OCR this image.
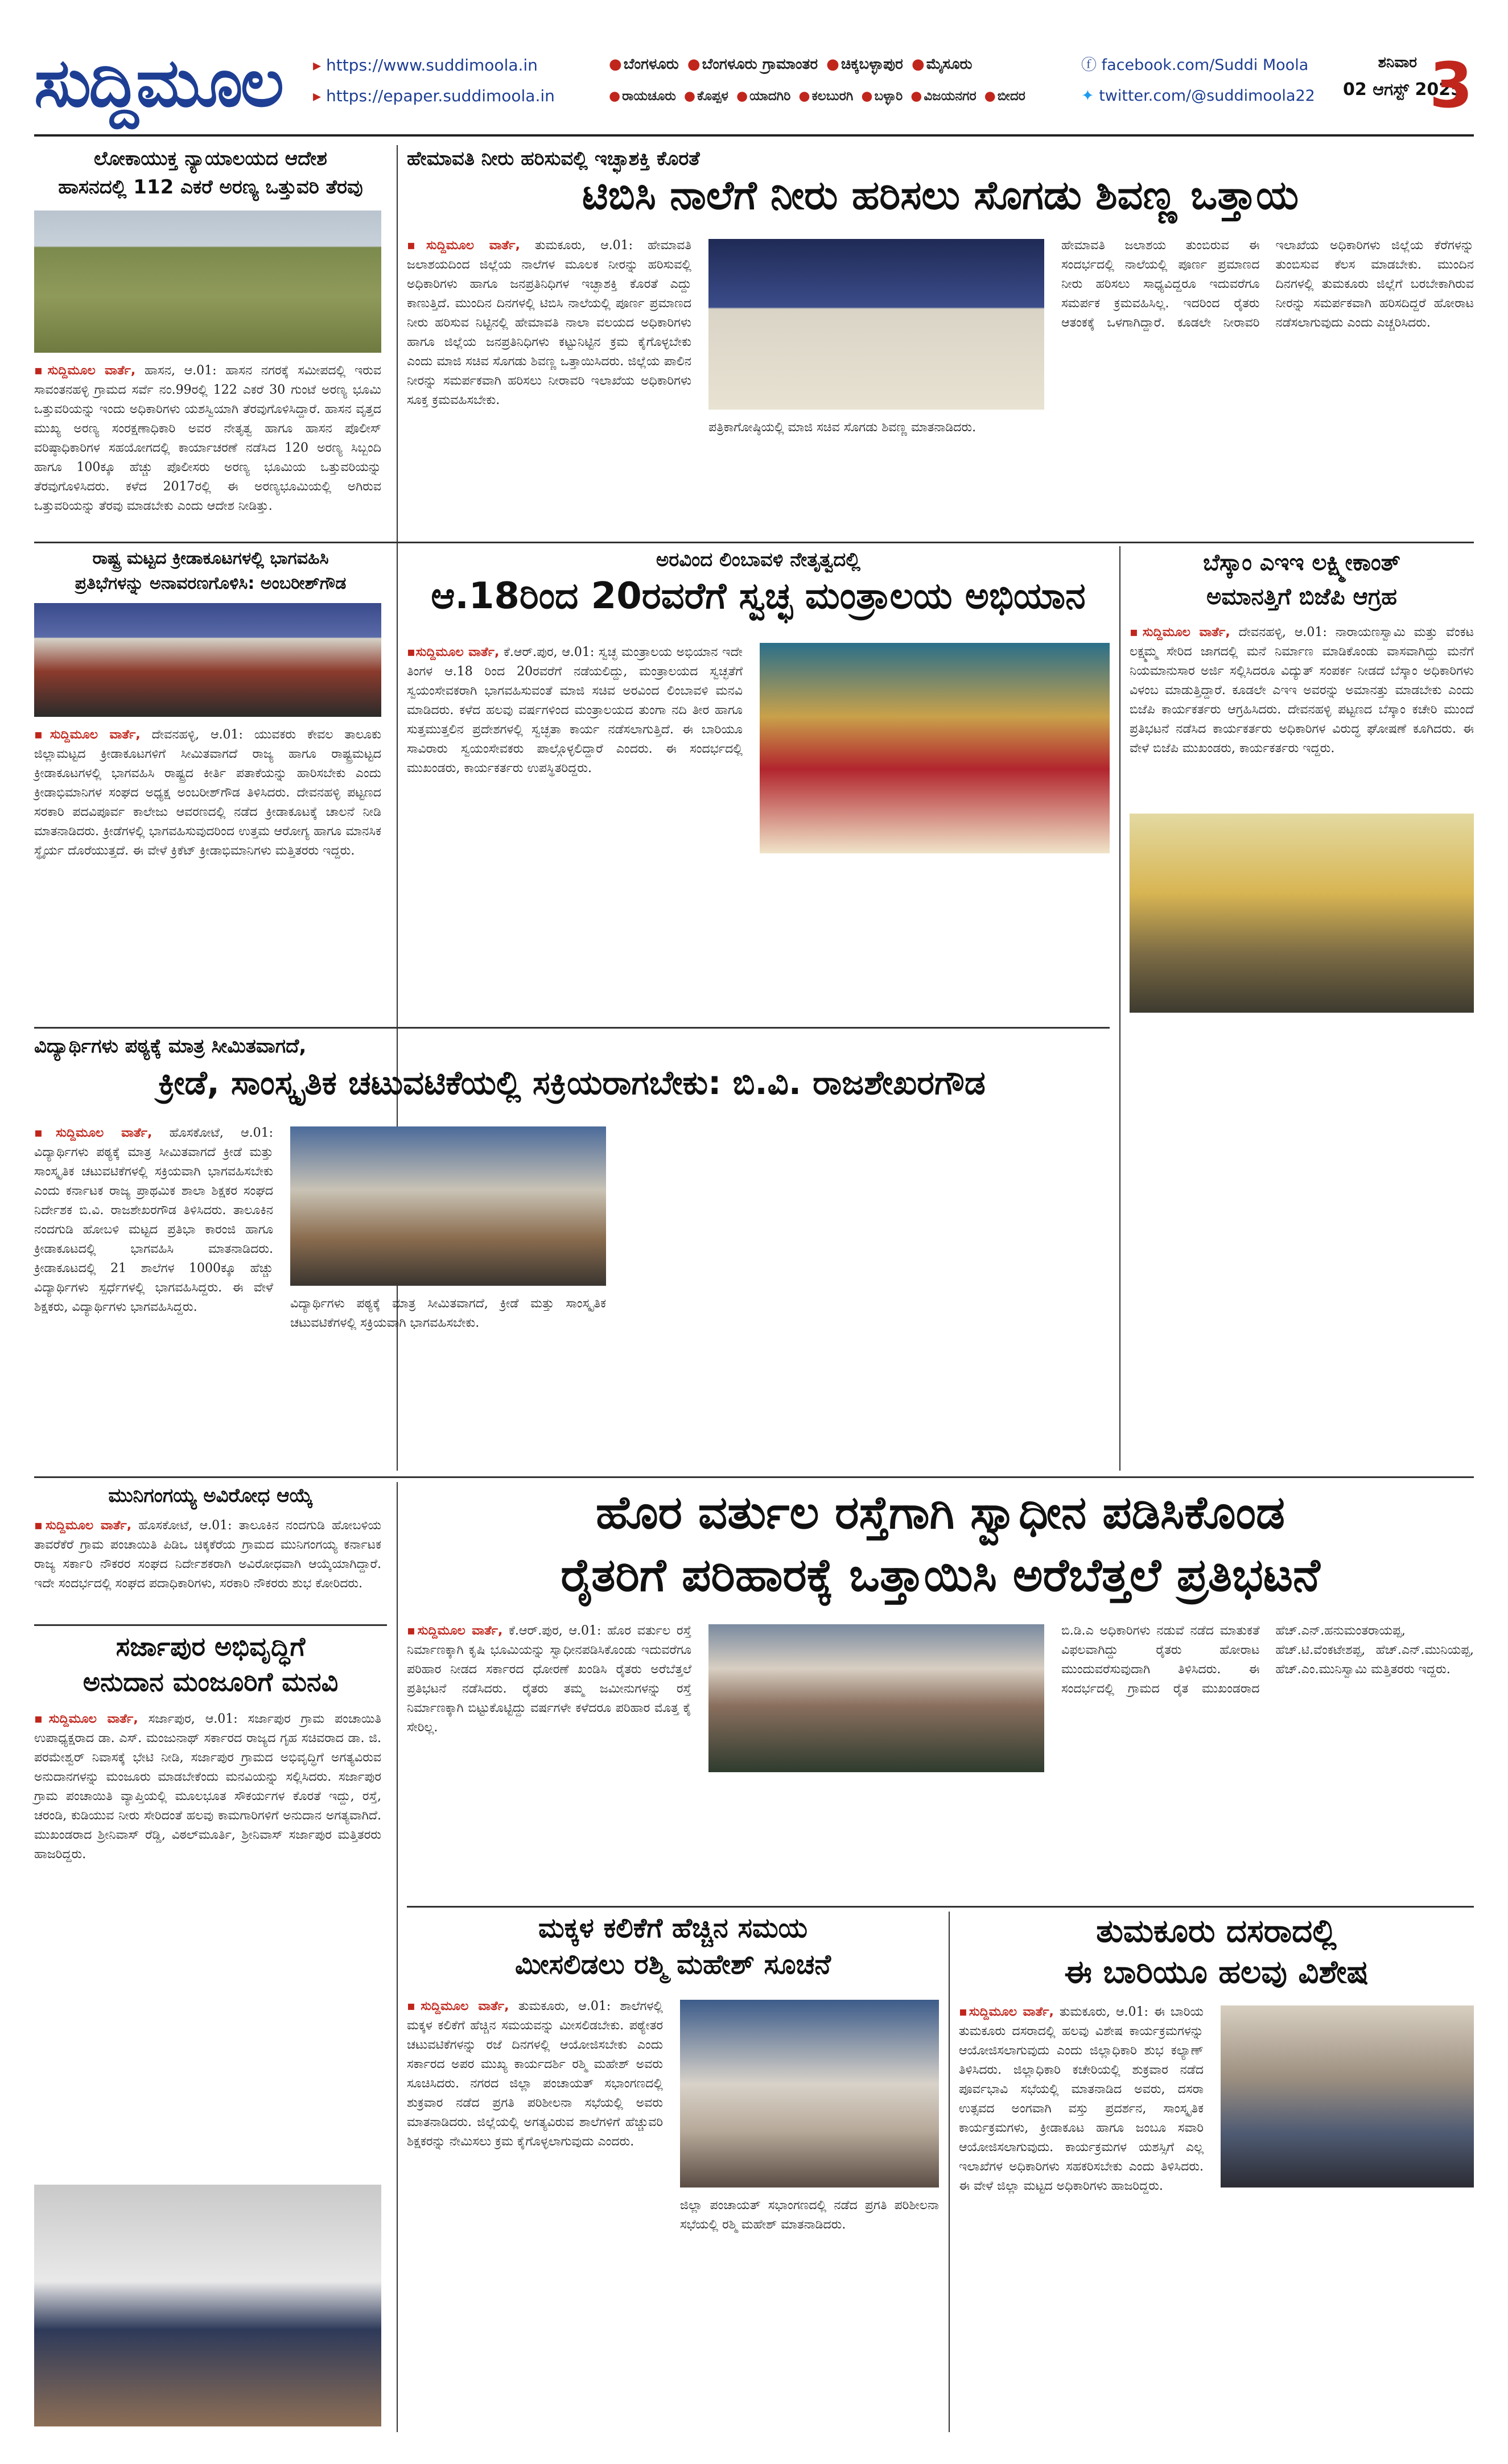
ಸುದ್ದಿಮೂಲ	▸ https://www.suddimoola.in
▸ https://epaper.suddimoola.in
● ಬೆಂಗಳೂರು ● ಬೆಂಗಳೂರು ಗ್ರಾಮಾಂತರ ● ಚಿಕ್ಕಬಳ್ಳಾಪುರ ● ಮೈಸೂರು
● ರಾಯಚೂರು ● ಕೊಪ್ಪಳ ● ಯಾದಗಿರಿ ● ಕಲಬುರಗಿ ● ಬಳ್ಳಾರಿ ● ವಿಜಯನಗರ ● ಬೀದರ
ⓕ facebook.com/Suddi Moola
✦ twitter.com/@suddimoola22
ಶನಿವಾರ
02 ಆಗಸ್ಟ್ 2025
3
ಲೋಕಾಯುಕ್ತ ನ್ಯಾಯಾಲಯದ ಆದೇಶ
ಹಾಸನದಲ್ಲಿ 112 ಎಕರೆ ಅರಣ್ಯ ಒತ್ತುವರಿ ತೆರವು
▪ಸುದ್ದಿಮೂಲ ವಾರ್ತೆ, ಹಾಸನ, ಆ.01: ಹಾಸನ ನಗರಕ್ಕೆ ಸಮೀಪದಲ್ಲಿ ಇರುವ ಸಾವಂತನಹಳ್ಳಿ ಗ್ರಾಮದ ಸರ್ವೆ ನಂ.99ರಲ್ಲಿ 122 ಎಕರೆ 30 ಗುಂಟೆ ಅರಣ್ಯ ಭೂಮಿ ಒತ್ತುವರಿಯನ್ನು ಇಂದು ಅಧಿಕಾರಿಗಳು ಯಶಸ್ವಿಯಾಗಿ ತೆರವುಗೊಳಿಸಿದ್ದಾರೆ. ಹಾಸನ ವೃತ್ತದ ಮುಖ್ಯ ಅರಣ್ಯ ಸಂರಕ್ಷಣಾಧಿಕಾರಿ ಅವರ ನೇತೃತ್ವ ಹಾಗೂ ಹಾಸನ ಪೊಲೀಸ್ ವರಿಷ್ಠಾಧಿಕಾರಿಗಳ ಸಹಯೋಗದಲ್ಲಿ ಕಾರ್ಯಾಚರಣೆ ನಡೆಸಿದ 120 ಅರಣ್ಯ ಸಿಬ್ಬಂದಿ ಹಾಗೂ 100ಕ್ಕೂ ಹೆಚ್ಚು ಪೊಲೀಸರು ಅರಣ್ಯ ಭೂಮಿಯ ಒತ್ತುವರಿಯನ್ನು ತೆರವುಗೊಳಿಸಿದರು. ಕಳೆದ 2017ರಲ್ಲಿ ಈ ಅರಣ್ಯಭೂಮಿಯಲ್ಲಿ ಅಗಿರುವ ಒತ್ತುವರಿಯನ್ನು ತೆರವು ಮಾಡಬೇಕು ಎಂದು ಆದೇಶ ನೀಡಿತ್ತು.
ಹೇಮಾವತಿ ನೀರು ಹರಿಸುವಲ್ಲಿ ಇಚ್ಛಾಶಕ್ತಿ ಕೊರತೆ
ಟಿಬಿಸಿ ನಾಲೆಗೆ ನೀರು ಹರಿಸಲು ಸೊಗಡು ಶಿವಣ್ಣ ಒತ್ತಾಯ
▪ಸುದ್ದಿಮೂಲ ವಾರ್ತೆ, ತುಮಕೂರು, ಆ.01: ಹೇಮಾವತಿ ಜಲಾಶಯದಿಂದ ಜಿಲ್ಲೆಯ ನಾಲೆಗಳ ಮೂಲಕ ನೀರನ್ನು ಹರಿಸುವಲ್ಲಿ ಅಧಿಕಾರಿಗಳು ಹಾಗೂ ಜನಪ್ರತಿನಿಧಿಗಳ ಇಚ್ಛಾಶಕ್ತಿ ಕೊರತೆ ಎದ್ದು ಕಾಣುತ್ತಿದೆ. ಮುಂದಿನ ದಿನಗಳಲ್ಲಿ ಟಿಬಿಸಿ ನಾಲೆಯಲ್ಲಿ ಪೂರ್ಣ ಪ್ರಮಾಣದ ನೀರು ಹರಿಸುವ ನಿಟ್ಟಿನಲ್ಲಿ ಹೇಮಾವತಿ ನಾಲಾ ವಲಯದ ಅಧಿಕಾರಿಗಳು ಹಾಗೂ ಜಿಲ್ಲೆಯ ಜನಪ್ರತಿನಿಧಿಗಳು ಕಟ್ಟುನಿಟ್ಟಿನ ಕ್ರಮ ಕೈಗೊಳ್ಳಬೇಕು ಎಂದು ಮಾಜಿ ಸಚಿವ ಸೊಗಡು ಶಿವಣ್ಣ ಒತ್ತಾಯಿಸಿದರು. ಜಿಲ್ಲೆಯ ಪಾಲಿನ ನೀರನ್ನು ಸಮರ್ಪಕವಾಗಿ ಹರಿಸಲು ನೀರಾವರಿ ಇಲಾಖೆಯ ಅಧಿಕಾರಿಗಳು ಸೂಕ್ತ ಕ್ರಮವಹಿಸಬೇಕು.
ಪತ್ರಿಕಾಗೋಷ್ಠಿಯಲ್ಲಿ ಮಾಜಿ ಸಚಿವ ಸೊಗಡು ಶಿವಣ್ಣ ಮಾತನಾಡಿದರು.
ಹೇಮಾವತಿ ಜಲಾಶಯ ತುಂಬಿರುವ ಈ ಸಂದರ್ಭದಲ್ಲಿ ನಾಲೆಯಲ್ಲಿ ಪೂರ್ಣ ಪ್ರಮಾಣದ ನೀರು ಹರಿಸಲು ಸಾಧ್ಯವಿದ್ದರೂ ಇದುವರೆಗೂ ಸಮರ್ಪಕ ಕ್ರಮವಹಿಸಿಲ್ಲ. ಇದರಿಂದ ರೈತರು ಆತಂಕಕ್ಕೆ ಒಳಗಾಗಿದ್ದಾರೆ. ಕೂಡಲೇ ನೀರಾವರಿ ಇಲಾಖೆಯ ಅಧಿಕಾರಿಗಳು ಜಿಲ್ಲೆಯ ಕೆರೆಗಳನ್ನು ತುಂಬಿಸುವ ಕೆಲಸ ಮಾಡಬೇಕು. ಮುಂದಿನ ದಿನಗಳಲ್ಲಿ ತುಮಕೂರು ಜಿಲ್ಲೆಗೆ ಬರಬೇಕಾಗಿರುವ ನೀರನ್ನು ಸಮರ್ಪಕವಾಗಿ ಹರಿಸದಿದ್ದರೆ ಹೋರಾಟ ನಡೆಸಲಾಗುವುದು ಎಂದು ಎಚ್ಚರಿಸಿದರು.
ರಾಷ್ಟ್ರ ಮಟ್ಟದ ಕ್ರೀಡಾಕೂಟಗಳಲ್ಲಿ ಭಾಗವಹಿಸಿ
ಪ್ರತಿಭೆಗಳನ್ನು ಅನಾವರಣಗೊಳಿಸಿ: ಅಂಬರೀಶ್‌ಗೌಡ
▪ಸುದ್ದಿಮೂಲ ವಾರ್ತೆ, ದೇವನಹಳ್ಳಿ, ಆ.01: ಯುವಕರು ಕೇವಲ ತಾಲೂಕು ಜಿಲ್ಲಾಮಟ್ಟದ ಕ್ರೀಡಾಕೂಟಗಳಿಗೆ ಸೀಮಿತವಾಗದೆ ರಾಜ್ಯ ಹಾಗೂ ರಾಷ್ಟ್ರಮಟ್ಟದ ಕ್ರೀಡಾಕೂಟಗಳಲ್ಲಿ ಭಾಗವಹಿಸಿ ರಾಷ್ಟ್ರದ ಕೀರ್ತಿ ಪತಾಕೆಯನ್ನು ಹಾರಿಸಬೇಕು ಎಂದು ಕ್ರೀಡಾಭಿಮಾನಿಗಳ ಸಂಘದ ಅಧ್ಯಕ್ಷ ಅಂಬರೀಶ್‌ಗೌಡ ತಿಳಿಸಿದರು. ದೇವನಹಳ್ಳಿ ಪಟ್ಟಣದ ಸರಕಾರಿ ಪದವಿಪೂರ್ವ ಕಾಲೇಜು ಆವರಣದಲ್ಲಿ ನಡೆದ ಕ್ರೀಡಾಕೂಟಕ್ಕೆ ಚಾಲನೆ ನೀಡಿ ಮಾತನಾಡಿದರು. ಕ್ರೀಡೆಗಳಲ್ಲಿ ಭಾಗವಹಿಸುವುದರಿಂದ ಉತ್ತಮ ಆರೋಗ್ಯ ಹಾಗೂ ಮಾನಸಿಕ ಸ್ಥೈರ್ಯ ದೊರೆಯುತ್ತದೆ. ಈ ವೇಳೆ ಕ್ರಿಕೆಟ್ ಕ್ರೀಡಾಭಿಮಾನಿಗಳು ಮತ್ತಿತರರು ಇದ್ದರು.
ಅರವಿಂದ ಲಿಂಬಾವಳಿ ನೇತೃತ್ವದಲ್ಲಿ
ಆ.18ರಿಂದ 20ರವರೆಗೆ ಸ್ವಚ್ಛ ಮಂತ್ರಾಲಯ ಅಭಿಯಾನ
▪ಸುದ್ದಿಮೂಲ ವಾರ್ತೆ, ಕೆ.ಆರ್.ಪುರ, ಆ.01: ಸ್ವಚ್ಛ ಮಂತ್ರಾಲಯ ಅಭಿಯಾನ ಇದೇ ತಿಂಗಳ ಆ.18 ರಿಂದ 20ರವರೆಗೆ ನಡೆಯಲಿದ್ದು, ಮಂತ್ರಾಲಯದ ಸ್ವಚ್ಛತೆಗೆ ಸ್ವಯಂಸೇವಕರಾಗಿ ಭಾಗವಹಿಸುವಂತೆ ಮಾಜಿ ಸಚಿವ ಅರವಿಂದ ಲಿಂಬಾವಳಿ ಮನವಿ ಮಾಡಿದರು. ಕಳೆದ ಹಲವು ವರ್ಷಗಳಿಂದ ಮಂತ್ರಾಲಯದ ತುಂಗಾ ನದಿ ತೀರ ಹಾಗೂ ಸುತ್ತಮುತ್ತಲಿನ ಪ್ರದೇಶಗಳಲ್ಲಿ ಸ್ವಚ್ಛತಾ ಕಾರ್ಯ ನಡೆಸಲಾಗುತ್ತಿದೆ. ಈ ಬಾರಿಯೂ ಸಾವಿರಾರು ಸ್ವಯಂಸೇವಕರು ಪಾಲ್ಗೊಳ್ಳಲಿದ್ದಾರೆ ಎಂದರು. ಈ ಸಂದರ್ಭದಲ್ಲಿ ಮುಖಂಡರು, ಕಾರ್ಯಕರ್ತರು ಉಪಸ್ಥಿತರಿದ್ದರು.
ಬೆಸ್ಕಾಂ ಎಇಇ ಲಕ್ಷ್ಮೀಕಾಂತ್
ಅಮಾನತ್ತಿಗೆ ಬಿಜೆಪಿ ಆಗ್ರಹ
▪ಸುದ್ದಿಮೂಲ ವಾರ್ತೆ, ದೇವನಹಳ್ಳಿ, ಆ.01: ನಾರಾಯಣಸ್ವಾಮಿ ಮತ್ತು ವೆಂಕಟ ಲಕ್ಷ್ಮಮ್ಮ ಸೇರಿದ ಜಾಗದಲ್ಲಿ ಮನೆ ನಿರ್ಮಾಣ ಮಾಡಿಕೊಂಡು ವಾಸವಾಗಿದ್ದು ಮನೆಗೆ ನಿಯಮಾನುಸಾರ ಅರ್ಜಿ ಸಲ್ಲಿಸಿದರೂ ವಿದ್ಯುತ್ ಸಂಪರ್ಕ ನೀಡದೆ ಬೆಸ್ಕಾಂ ಅಧಿಕಾರಿಗಳು ವಿಳಂಬ ಮಾಡುತ್ತಿದ್ದಾರೆ. ಕೂಡಲೇ ಎಇಇ ಅವರನ್ನು ಅಮಾನತ್ತು ಮಾಡಬೇಕು ಎಂದು ಬಿಜೆಪಿ ಕಾರ್ಯಕರ್ತರು ಆಗ್ರಹಿಸಿದರು. ದೇವನಹಳ್ಳಿ ಪಟ್ಟಣದ ಬೆಸ್ಕಾಂ ಕಚೇರಿ ಮುಂದೆ ಪ್ರತಿಭಟನೆ ನಡೆಸಿದ ಕಾರ್ಯಕರ್ತರು ಅಧಿಕಾರಿಗಳ ವಿರುದ್ಧ ಘೋಷಣೆ ಕೂಗಿದರು. ಈ ವೇಳೆ ಬಿಜೆಪಿ ಮುಖಂಡರು, ಕಾರ್ಯಕರ್ತರು ಇದ್ದರು.
ವಿದ್ಯಾರ್ಥಿಗಳು ಪಠ್ಯಕ್ಕೆ ಮಾತ್ರ ಸೀಮಿತವಾಗದೆ,
ಕ್ರೀಡೆ, ಸಾಂಸ್ಕೃತಿಕ ಚಟುವಟಿಕೆಯಲ್ಲಿ ಸಕ್ರಿಯರಾಗಬೇಕು: ಬಿ.ವಿ. ರಾಜಶೇಖರಗೌಡ
▪ಸುದ್ದಿಮೂಲ ವಾರ್ತೆ, ಹೊಸಕೋಟೆ, ಆ.01: ವಿದ್ಯಾರ್ಥಿಗಳು ಪಠ್ಯಕ್ಕೆ ಮಾತ್ರ ಸೀಮಿತವಾಗದೆ ಕ್ರೀಡೆ ಮತ್ತು ಸಾಂಸ್ಕೃತಿಕ ಚಟುವಟಿಕೆಗಳಲ್ಲಿ ಸಕ್ರಿಯವಾಗಿ ಭಾಗವಹಿಸಬೇಕು ಎಂದು ಕರ್ನಾಟಕ ರಾಜ್ಯ ಪ್ರಾಥಮಿಕ ಶಾಲಾ ಶಿಕ್ಷಕರ ಸಂಘದ ನಿರ್ದೇಶಕ ಬಿ.ವಿ. ರಾಜಶೇಖರಗೌಡ ತಿಳಿಸಿದರು. ತಾಲೂಕಿನ ನಂದಗುಡಿ ಹೋಬಳಿ ಮಟ್ಟದ ಪ್ರತಿಭಾ ಕಾರಂಜಿ ಹಾಗೂ ಕ್ರೀಡಾಕೂಟದಲ್ಲಿ ಭಾಗವಹಿಸಿ ಮಾತನಾಡಿದರು. ಕ್ರೀಡಾಕೂಟದಲ್ಲಿ 21 ಶಾಲೆಗಳ 1000ಕ್ಕೂ ಹೆಚ್ಚು ವಿದ್ಯಾರ್ಥಿಗಳು ಸ್ಪರ್ಧೆಗಳಲ್ಲಿ ಭಾಗವಹಿಸಿದ್ದರು. ಈ ವೇಳೆ ಶಿಕ್ಷಕರು, ವಿದ್ಯಾರ್ಥಿಗಳು ಭಾಗವಹಿಸಿದ್ದರು.	ವಿದ್ಯಾರ್ಥಿಗಳು ಪಠ್ಯಕ್ಕೆ ಮಾತ್ರ ಸೀಮಿತವಾಗದೆ, ಕ್ರೀಡೆ ಮತ್ತು ಸಾಂಸ್ಕೃತಿಕ ಚಟುವಟಿಕೆಗಳಲ್ಲಿ ಸಕ್ರಿಯವಾಗಿ ಭಾಗವಹಿಸಬೇಕು.
ಮುನಿಗಂಗಯ್ಯ ಅವಿರೋಧ ಆಯ್ಕೆ
▪ಸುದ್ದಿಮೂಲ ವಾರ್ತೆ, ಹೊಸಕೋಟೆ, ಆ.01: ತಾಲೂಕಿನ ನಂದಗುಡಿ ಹೋಬಳಿಯ ತಾವರೆಕೆರೆ ಗ್ರಾಮ ಪಂಚಾಯಿತಿ ಪಿಡಿಒ ಚಿಕ್ಕಕೆರೆಯ ಗ್ರಾಮದ ಮುನಿಗಂಗಯ್ಯ ಕರ್ನಾಟಕ ರಾಜ್ಯ ಸರ್ಕಾರಿ ನೌಕರರ ಸಂಘದ ನಿರ್ದೇಶಕರಾಗಿ ಅವಿರೋಧವಾಗಿ ಆಯ್ಕೆಯಾಗಿದ್ದಾರೆ. ಇದೇ ಸಂದರ್ಭದಲ್ಲಿ ಸಂಘದ ಪದಾಧಿಕಾರಿಗಳು, ಸರಕಾರಿ ನೌಕರರು ಶುಭ ಕೋರಿದರು.
ಹೊರ ವರ್ತುಲ ರಸ್ತೆಗಾಗಿ ಸ್ವಾಧೀನ ಪಡಿಸಿಕೊಂಡ
ರೈತರಿಗೆ ಪರಿಹಾರಕ್ಕೆ ಒತ್ತಾಯಿಸಿ ಅರೆಬೆತ್ತಲೆ ಪ್ರತಿಭಟನೆ
▪ಸುದ್ದಿಮೂಲ ವಾರ್ತೆ, ಕೆ.ಆರ್.ಪುರ, ಆ.01: ಹೊರ ವರ್ತುಲ ರಸ್ತೆ ನಿರ್ಮಾಣಕ್ಕಾಗಿ ಕೃಷಿ ಭೂಮಿಯನ್ನು ಸ್ವಾಧೀನಪಡಿಸಿಕೊಂಡು ಇದುವರೆಗೂ ಪರಿಹಾರ ನೀಡದ ಸರ್ಕಾರದ ಧೋರಣೆ ಖಂಡಿಸಿ ರೈತರು ಅರೆಬೆತ್ತಲೆ ಪ್ರತಿಭಟನೆ ನಡೆಸಿದರು. ರೈತರು ತಮ್ಮ ಜಮೀನುಗಳನ್ನು ರಸ್ತೆ ನಿರ್ಮಾಣಕ್ಕಾಗಿ ಬಿಟ್ಟುಕೊಟ್ಟಿದ್ದು ವರ್ಷಗಳೇ ಕಳೆದರೂ ಪರಿಹಾರ ಮೊತ್ತ ಕೈ ಸೇರಿಲ್ಲ.
ಬಿ.ಡಿ.ಎ ಅಧಿಕಾರಿಗಳು ನಡುವೆ ನಡೆದ ಮಾತುಕತೆ ವಿಫಲವಾಗಿದ್ದು ರೈತರು ಹೋರಾಟ ಮುಂದುವರೆಸುವುದಾಗಿ ತಿಳಿಸಿದರು. ಈ ಸಂದರ್ಭದಲ್ಲಿ ಗ್ರಾಮದ ರೈತ ಮುಖಂಡರಾದ ಹೆಚ್.ಎನ್.ಹನುಮಂತರಾಯಪ್ಪ, ಹೆಚ್.ಟಿ.ವೆಂಕಟೇಶಪ್ಪ, ಹೆಚ್.ಎನ್.ಮುನಿಯಪ್ಪ, ಹೆಚ್.ಎಂ.ಮುನಿಸ್ವಾಮಿ ಮತ್ತಿತರರು ಇದ್ದರು.
ಸರ್ಜಾಪುರ ಅಭಿವೃದ್ಧಿಗೆ
ಅನುದಾನ ಮಂಜೂರಿಗೆ ಮನವಿ
▪ಸುದ್ದಿಮೂಲ ವಾರ್ತೆ, ಸರ್ಜಾಪುರ, ಆ.01: ಸರ್ಜಾಪುರ ಗ್ರಾಮ ಪಂಚಾಯಿತಿ ಉಪಾಧ್ಯಕ್ಷರಾದ ಡಾ. ಎಸ್. ಮಂಜುನಾಥ್ ಸರ್ಕಾರದ ರಾಜ್ಯದ ಗೃಹ ಸಚಿವರಾದ ಡಾ. ಜಿ. ಪರಮೇಶ್ವರ್ ನಿವಾಸಕ್ಕೆ ಭೇಟಿ ನೀಡಿ, ಸರ್ಜಾಪುರ ಗ್ರಾಮದ ಅಭಿವೃದ್ಧಿಗೆ ಅಗತ್ಯವಿರುವ ಅನುದಾನಗಳನ್ನು ಮಂಜೂರು ಮಾಡಬೇಕೆಂದು ಮನವಿಯನ್ನು ಸಲ್ಲಿಸಿದರು. ಸರ್ಜಾಪುರ ಗ್ರಾಮ ಪಂಚಾಯಿತಿ ವ್ಯಾಪ್ತಿಯಲ್ಲಿ ಮೂಲಭೂತ ಸೌಕರ್ಯಗಳ ಕೊರತೆ ಇದ್ದು, ರಸ್ತೆ, ಚರಂಡಿ, ಕುಡಿಯುವ ನೀರು ಸೇರಿದಂತೆ ಹಲವು ಕಾಮಗಾರಿಗಳಿಗೆ ಅನುದಾನ ಅಗತ್ಯವಾಗಿದೆ. ಮುಖಂಡರಾದ ಶ್ರೀನಿವಾಸ್ ರೆಡ್ಡಿ, ವಿಠಲ್‌ಮೂರ್ತಿ, ಶ್ರೀನಿವಾಸ್ ಸರ್ಜಾಪುರ ಮತ್ತಿತರರು ಹಾಜರಿದ್ದರು.
ಮಕ್ಕಳ ಕಲಿಕೆಗೆ ಹೆಚ್ಚಿನ ಸಮಯ
ಮೀಸಲಿಡಲು ರಶ್ಮಿ ಮಹೇಶ್ ಸೂಚನೆ
▪ಸುದ್ದಿಮೂಲ ವಾರ್ತೆ, ತುಮಕೂರು, ಆ.01: ಶಾಲೆಗಳಲ್ಲಿ ಮಕ್ಕಳ ಕಲಿಕೆಗೆ ಹೆಚ್ಚಿನ ಸಮಯವನ್ನು ಮೀಸಲಿಡಬೇಕು. ಪಠ್ಯೇತರ ಚಟುವಟಿಕೆಗಳನ್ನು ರಜೆ ದಿನಗಳಲ್ಲಿ ಆಯೋಜಿಸಬೇಕು ಎಂದು ಸರ್ಕಾರದ ಅಪರ ಮುಖ್ಯ ಕಾರ್ಯದರ್ಶಿ ರಶ್ಮಿ ಮಹೇಶ್ ಅವರು ಸೂಚಿಸಿದರು. ನಗರದ ಜಿಲ್ಲಾ ಪಂಚಾಯತ್ ಸಭಾಂಗಣದಲ್ಲಿ ಶುಕ್ರವಾರ ನಡೆದ ಪ್ರಗತಿ ಪರಿಶೀಲನಾ ಸಭೆಯಲ್ಲಿ ಅವರು ಮಾತನಾಡಿದರು. ಜಿಲ್ಲೆಯಲ್ಲಿ ಅಗತ್ಯವಿರುವ ಶಾಲೆಗಳಿಗೆ ಹೆಚ್ಚುವರಿ ಶಿಕ್ಷಕರನ್ನು ನೇಮಿಸಲು ಕ್ರಮ ಕೈಗೊಳ್ಳಲಾಗುವುದು ಎಂದರು.
ಜಿಲ್ಲಾ ಪಂಚಾಯತ್ ಸಭಾಂಗಣದಲ್ಲಿ ನಡೆದ ಪ್ರಗತಿ ಪರಿಶೀಲನಾ ಸಭೆಯಲ್ಲಿ ರಶ್ಮಿ ಮಹೇಶ್ ಮಾತನಾಡಿದರು.
ತುಮಕೂರು ದಸರಾದಲ್ಲಿ
ಈ ಬಾರಿಯೂ ಹಲವು ವಿಶೇಷ
▪ಸುದ್ದಿಮೂಲ ವಾರ್ತೆ, ತುಮಕೂರು, ಆ.01: ಈ ಬಾರಿಯ ತುಮಕೂರು ದಸರಾದಲ್ಲಿ ಹಲವು ವಿಶೇಷ ಕಾರ್ಯಕ್ರಮಗಳನ್ನು ಆಯೋಜಿಸಲಾಗುವುದು ಎಂದು ಜಿಲ್ಲಾಧಿಕಾರಿ ಶುಭ ಕಲ್ಯಾಣ್ ತಿಳಿಸಿದರು. ಜಿಲ್ಲಾಧಿಕಾರಿ ಕಚೇರಿಯಲ್ಲಿ ಶುಕ್ರವಾರ ನಡೆದ ಪೂರ್ವಭಾವಿ ಸಭೆಯಲ್ಲಿ ಮಾತನಾಡಿದ ಅವರು, ದಸರಾ ಉತ್ಸವದ ಅಂಗವಾಗಿ ವಸ್ತು ಪ್ರದರ್ಶನ, ಸಾಂಸ್ಕೃತಿಕ ಕಾರ್ಯಕ್ರಮಗಳು, ಕ್ರೀಡಾಕೂಟ ಹಾಗೂ ಜಂಬೂ ಸವಾರಿ ಆಯೋಜಿಸಲಾಗುವುದು. ಕಾರ್ಯಕ್ರಮಗಳ ಯಶಸ್ಸಿಗೆ ಎಲ್ಲ ಇಲಾಖೆಗಳ ಅಧಿಕಾರಿಗಳು ಸಹಕರಿಸಬೇಕು ಎಂದು ತಿಳಿಸಿದರು. ಈ ವೇಳೆ ಜಿಲ್ಲಾ ಮಟ್ಟದ ಅಧಿಕಾರಿಗಳು ಹಾಜರಿದ್ದರು.
